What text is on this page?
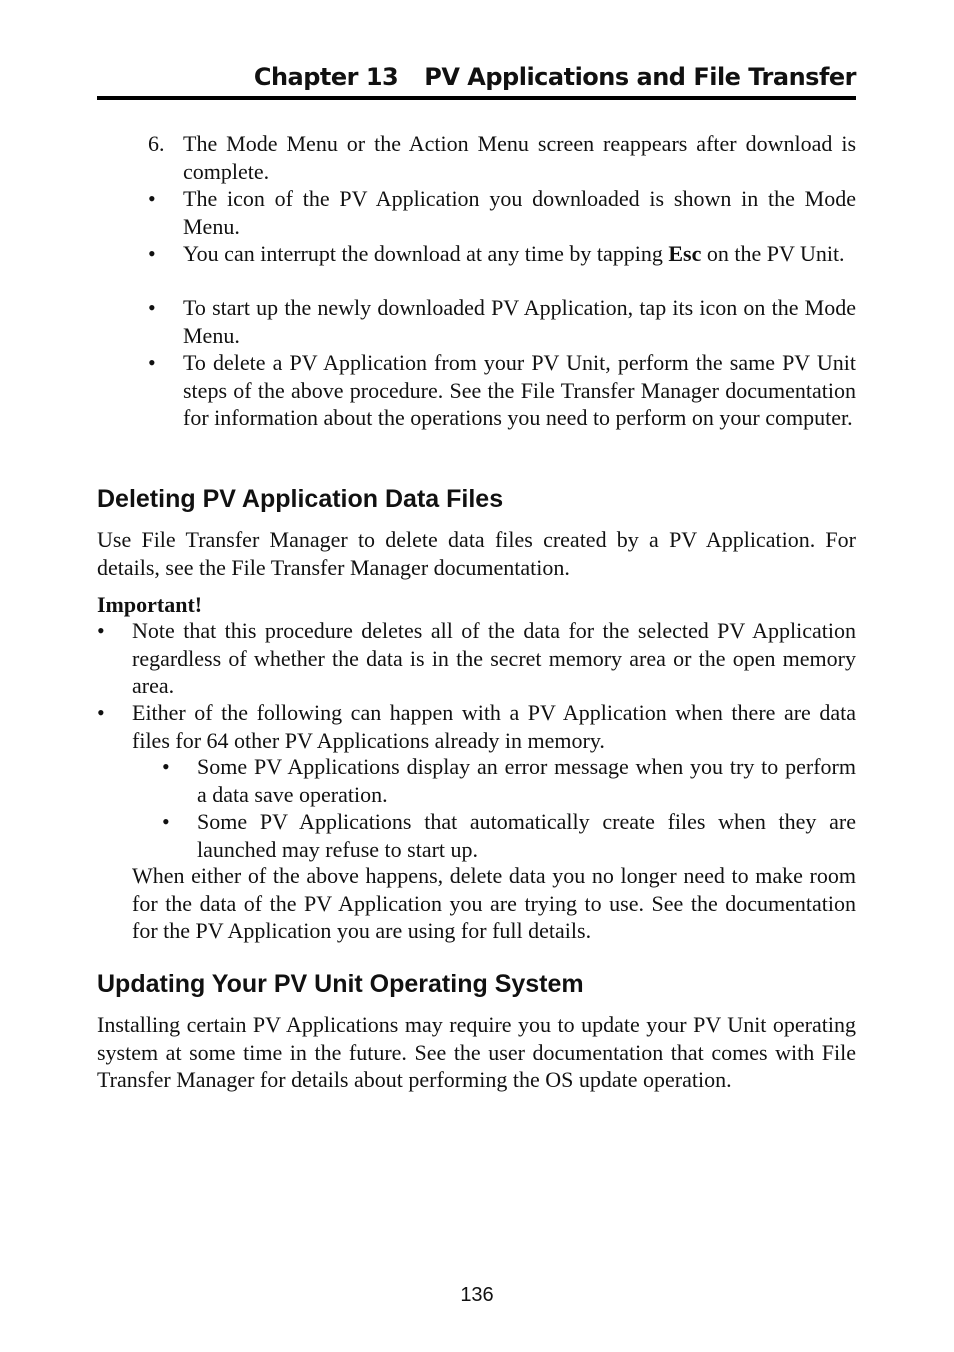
Chapter 13 PV Applications and File Transfer
6. The Mode Menu or the Action Menu screen reappears after download is complete.
• The icon of the PV Application you downloaded is shown in the Mode Menu.
• You can interrupt the download at any time by tapping Esc on the PV Unit.
• To start up the newly downloaded PV Application, tap its icon on the Mode Menu.
• To delete a PV Application from your PV Unit, perform the same PV Unit steps of the above procedure. See the File Transfer Manager documentation for information about the operations you need to perform on your computer.
Deleting PV Application Data Files
Use File Transfer Manager to delete data files created by a PV Application. For details, see the File Transfer Manager documentation.
Important!
• Note that this procedure deletes all of the data for the selected PV Application regardless of whether the data is in the secret memory area or the open memory area.
• Either of the following can happen with a PV Application when there are data files for 64 other PV Applications already in memory.
• Some PV Applications display an error message when you try to perform a data save operation.
• Some PV Applications that automatically create files when they are launched may refuse to start up.
When either of the above happens, delete data you no longer need to make room for the data of the PV Application you are trying to use. See the documentation for the PV Application you are using for full details.
Updating Your PV Unit Operating System
Installing certain PV Applications may require you to update your PV Unit operating system at some time in the future. See the user documentation that comes with File Transfer Manager for details about performing the OS update operation.
136
